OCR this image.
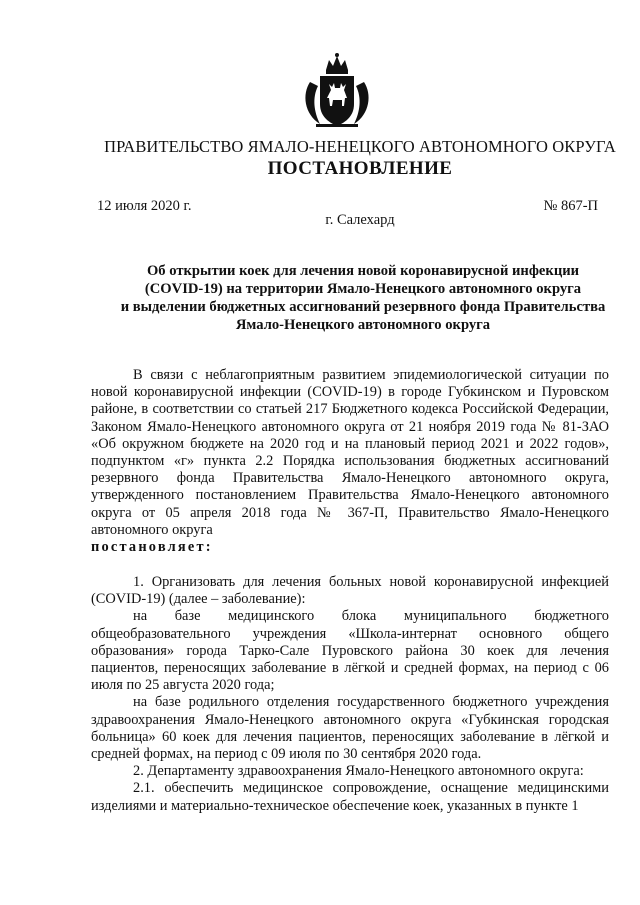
ПРАВИТЕЛЬСТВО ЯМАЛО-НЕНЕЦКОГО АВТОНОМНОГО ОКРУГА
ПОСТАНОВЛЕНИЕ
12 июля 2020 г.	№ 867-П
г. Салехард
Об открытии коек для лечения новой коронавирусной инфекции
(COVID-19) на территории Ямало-Ненецкого автономного округа
и выделении бюджетных ассигнований резервного фонда Правительства
Ямало-Ненецкого автономного округа

В связи с неблагоприятным развитием эпидемиологической ситуации по новой коронавирусной инфекции (COVID-19) в городе Губкинском и Пуровском районе, в соответствии со статьей 217 Бюджетного кодекса Российской Федерации, Законом Ямало-Ненецкого автономного округа от 21 ноября 2019 года № 81-ЗАО «Об окружном бюджете на 2020 год и на плановый период 2021 и 2022 годов», подпунктом «г» пункта 2.2 Порядка использования бюджетных ассигнований резервного фонда Правительства Ямало-Ненецкого автономного округа, утвержденного постановлением Правительства Ямало-Ненецкого автономного округа от 05 апреля 2018 года № 367-П, Правительство Ямало-Ненецкого автономного округа

постановляет:

1. Организовать для лечения больных новой коронавирусной инфекцией (COVID-19) (далее – заболевание):

на базе медицинского блока муниципального бюджетного общеобразовательного учреждения «Школа-интернат основного общего образования» города Тарко-Сале Пуровского района 30 коек для лечения пациентов, переносящих заболевание в лёгкой и средней формах, на период с 06 июля по 25 августа 2020 года;

на базе родильного отделения государственного бюджетного учреждения здравоохранения Ямало-Ненецкого автономного округа «Губкинская городская больница» 60 коек для лечения пациентов, переносящих заболевание в лёгкой и средней формах, на период с 09 июля по 30 сентября 2020 года.

2. Департаменту здравоохранения Ямало-Ненецкого автономного округа:

2.1. обеспечить медицинское сопровождение, оснащение медицинскими изделиями и материально-техническое обеспечение коек, указанных в пункте 1
